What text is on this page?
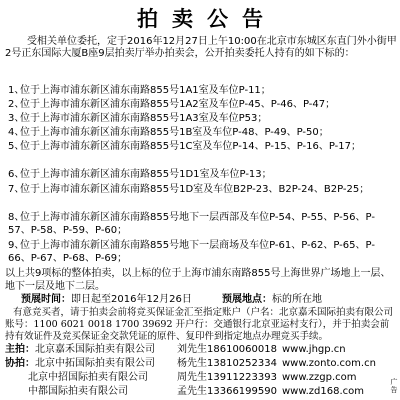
拍卖公告
受相关单位委托，定于2016年12月27日上午10:00在北京市东城区东直门外小街甲2号正东国际大厦B座9层拍卖厅举办拍卖会，公开拍卖委托人持有的如下标的：
1、位于上海市浦东新区浦东南路855号1A1室及车位P-11；
2、位于上海市浦东新区浦东南路855号1A2室及车位P-45、P-46、P-47；
3、位于上海市浦东新区浦东南路855号1A3室及车位P53；
4、位于上海市浦东新区浦东南路855号1B室及车位P-48、P-49、P-50；
5、位于上海市浦东新区浦东南路855号1C室及车位P-14、P-15、P-16、P-17；
6、位于上海市浦东新区浦东南路855号1D1室及车位P-13；
7、位于上海市浦东新区浦东南路855号1D室及车位B2P-23、B2P-24、B2P-25；
8、位于上海市浦东新区浦东南路855号地下一层西部及车位P-54、P-55、P-56、P-57、P-58、P-59、P-60；
9、位于上海市浦东新区浦东南路855号地下一层商场及车位P-61、P-62、P-65、P-66、P-67、P-68、P-69；
以上共9项标的整体拍卖，以上标的位于上海市浦东南路855号上海世界广场地上一层、地下一层及地下二层。
预展时间：即日起至2016年12月26日	预展地点：标的所在地
有意竞买者，请于拍卖会前将竞买保证金汇至指定账户（户名：北京嘉禾国际拍卖有限公司 账号：1100 6021 0018 1700 39692 开户行：交通银行北京亚运村支行），并于拍卖会前持有效证件及竞买保证金交款凭证的原件、复印件到指定地点办理竞买手续。
主拍：北京嘉禾国际拍卖有限公司 刘先生18610060018 www.jhgp.cn
协拍：北京中拓国际拍卖有限公司 杨先生13810252334 www.zonto.com.cn
北京中招国际拍卖有限公司	周先生13911223393 www.zzgp.com
中都国际拍卖有限公司	孟先生13366199590 www.zd168.com
广告
